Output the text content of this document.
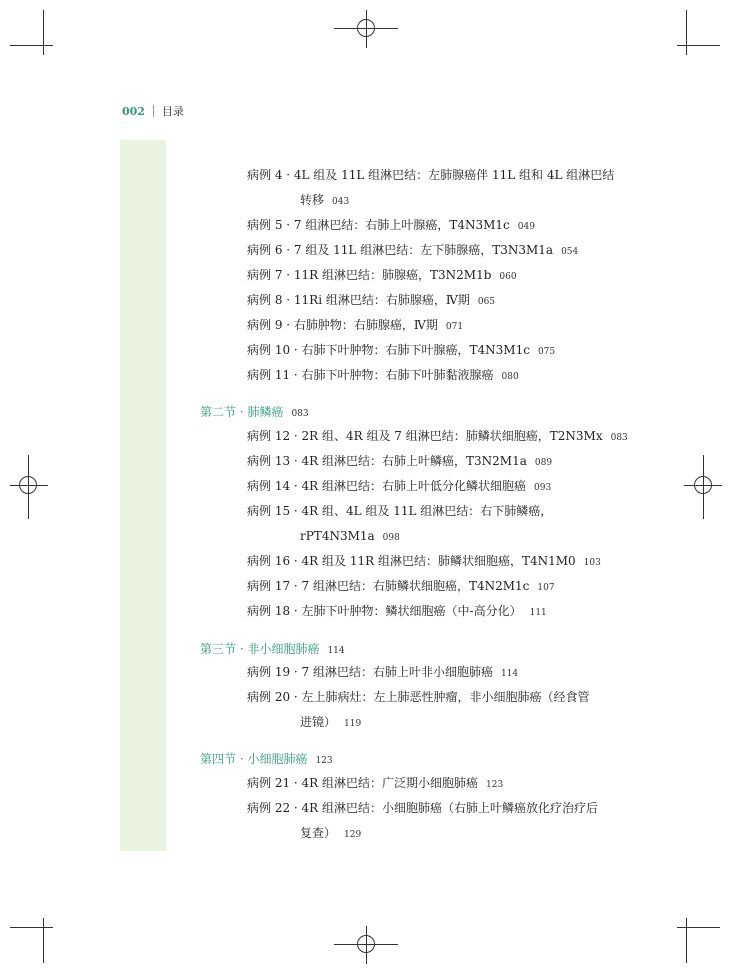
002 目录
病例 4 · 4L 组及 11L 组淋巴结：左肺腺癌伴 11L 组和 4L 组淋巴结
转移 043
病例 5 · 7 组淋巴结：右肺上叶腺癌，T4N3M1c 049
病例 6 · 7 组及 11L 组淋巴结：左下肺腺癌，T3N3M1a 054
病例 7 · 11R 组淋巴结：肺腺癌，T3N2M1b 060
病例 8 · 11Ri 组淋巴结：右肺腺癌，Ⅳ期 065
病例 9 · 右肺肿物：右肺腺癌，Ⅳ期 071
病例 10 · 右肺下叶肿物：右肺下叶腺癌，T4N3M1c 075
病例 11 · 右肺下叶肿物：右肺下叶肺黏液腺癌 080
第二节 · 肺鳞癌 083
病例 12 · 2R 组、4R 组及 7 组淋巴结：肺鳞状细胞癌，T2N3Mx 083
病例 13 · 4R 组淋巴结：右肺上叶鳞癌，T3N2M1a 089
病例 14 · 4R 组淋巴结：右肺上叶低分化鳞状细胞癌 093
病例 15 · 4R 组、4L 组及 11L 组淋巴结：右下肺鳞癌，
rPT4N3M1a 098
病例 16 · 4R 组及 11R 组淋巴结：肺鳞状细胞癌，T4N1M0 103
病例 17 · 7 组淋巴结：右肺鳞状细胞癌，T4N2M1c 107
病例 18 · 左肺下叶肿物：鳞状细胞癌（中-高分化） 111
第三节 · 非小细胞肺癌 114
病例 19 · 7 组淋巴结：右肺上叶非小细胞肺癌 114
病例 20 · 左上肺病灶：左上肺恶性肿瘤，非小细胞肺癌（经食管
进镜） 119
第四节 · 小细胞肺癌 123
病例 21 · 4R 组淋巴结：广泛期小细胞肺癌 123
病例 22 · 4R 组淋巴结：小细胞肺癌（右肺上叶鳞癌放化疗治疗后
复查） 129
